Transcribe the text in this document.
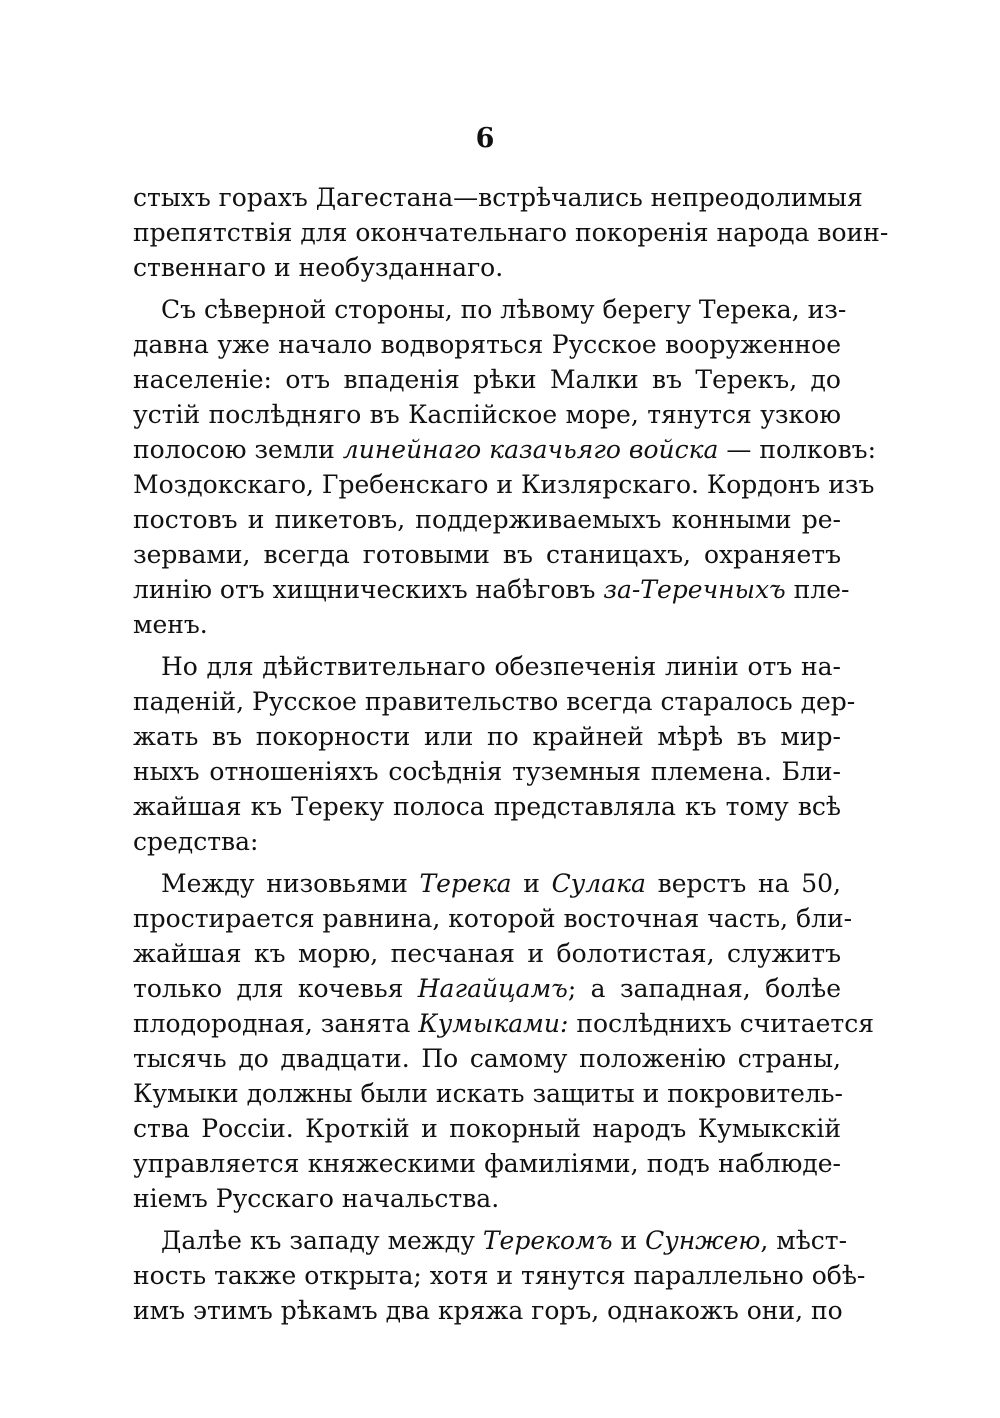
6
стыхъ горахъ Дагестана—встрѣчались непреодолимыя
препятствія для окончательнаго покоренія народа воин-
ственнаго и необузданнаго.
Съ сѣверной стороны, по лѣвому берегу Терека, из-
давна уже начало водворяться Русское вооруженное
населеніе: отъ впаденія рѣки Малки въ Терекъ, до
устій послѣдняго въ Каспійское море, тянутся узкою
полосою земли линейнаго казачьяго войска — полковъ:
Моздокскаго, Гребенскаго и Кизлярскаго. Кордонъ изъ
постовъ и пикетовъ, поддерживаемыхъ конными ре-
зервами, всегда готовыми въ станицахъ, охраняетъ
линію отъ хищническихъ набѣговъ за-Теречныхъ пле-
менъ.
Но для дѣйствительнаго обезпеченія линіи отъ на-
паденій, Русское правительство всегда старалось дер-
жать въ покорности или по крайней мѣрѣ въ мир-
ныхъ отношеніяхъ сосѣднія туземныя племена. Бли-
жайшая къ Тереку полоса представляла къ тому всѣ
средства:
Между низовьями Терека и Сулака верстъ на 50,
простирается равнина, которой восточная часть, бли-
жайшая къ морю, песчаная и болотистая, служитъ
только для кочевья Нагайцамъ; а западная, болѣе
плодородная, занята Кумыками: послѣднихъ считается
тысячь до двадцати. По самому положенію страны,
Кумыки должны были искать защиты и покровитель-
ства Россіи. Кроткій и покорный народъ Кумыкскій
управляется княжескими фамиліями, подъ наблюде-
ніемъ Русскаго начальства.
Далѣе къ западу между Терекомъ и Сунжею, мѣст-
ность также открыта; хотя и тянутся параллельно обѣ-
имъ этимъ рѣкамъ два кряжа горъ, однакожъ они, по
